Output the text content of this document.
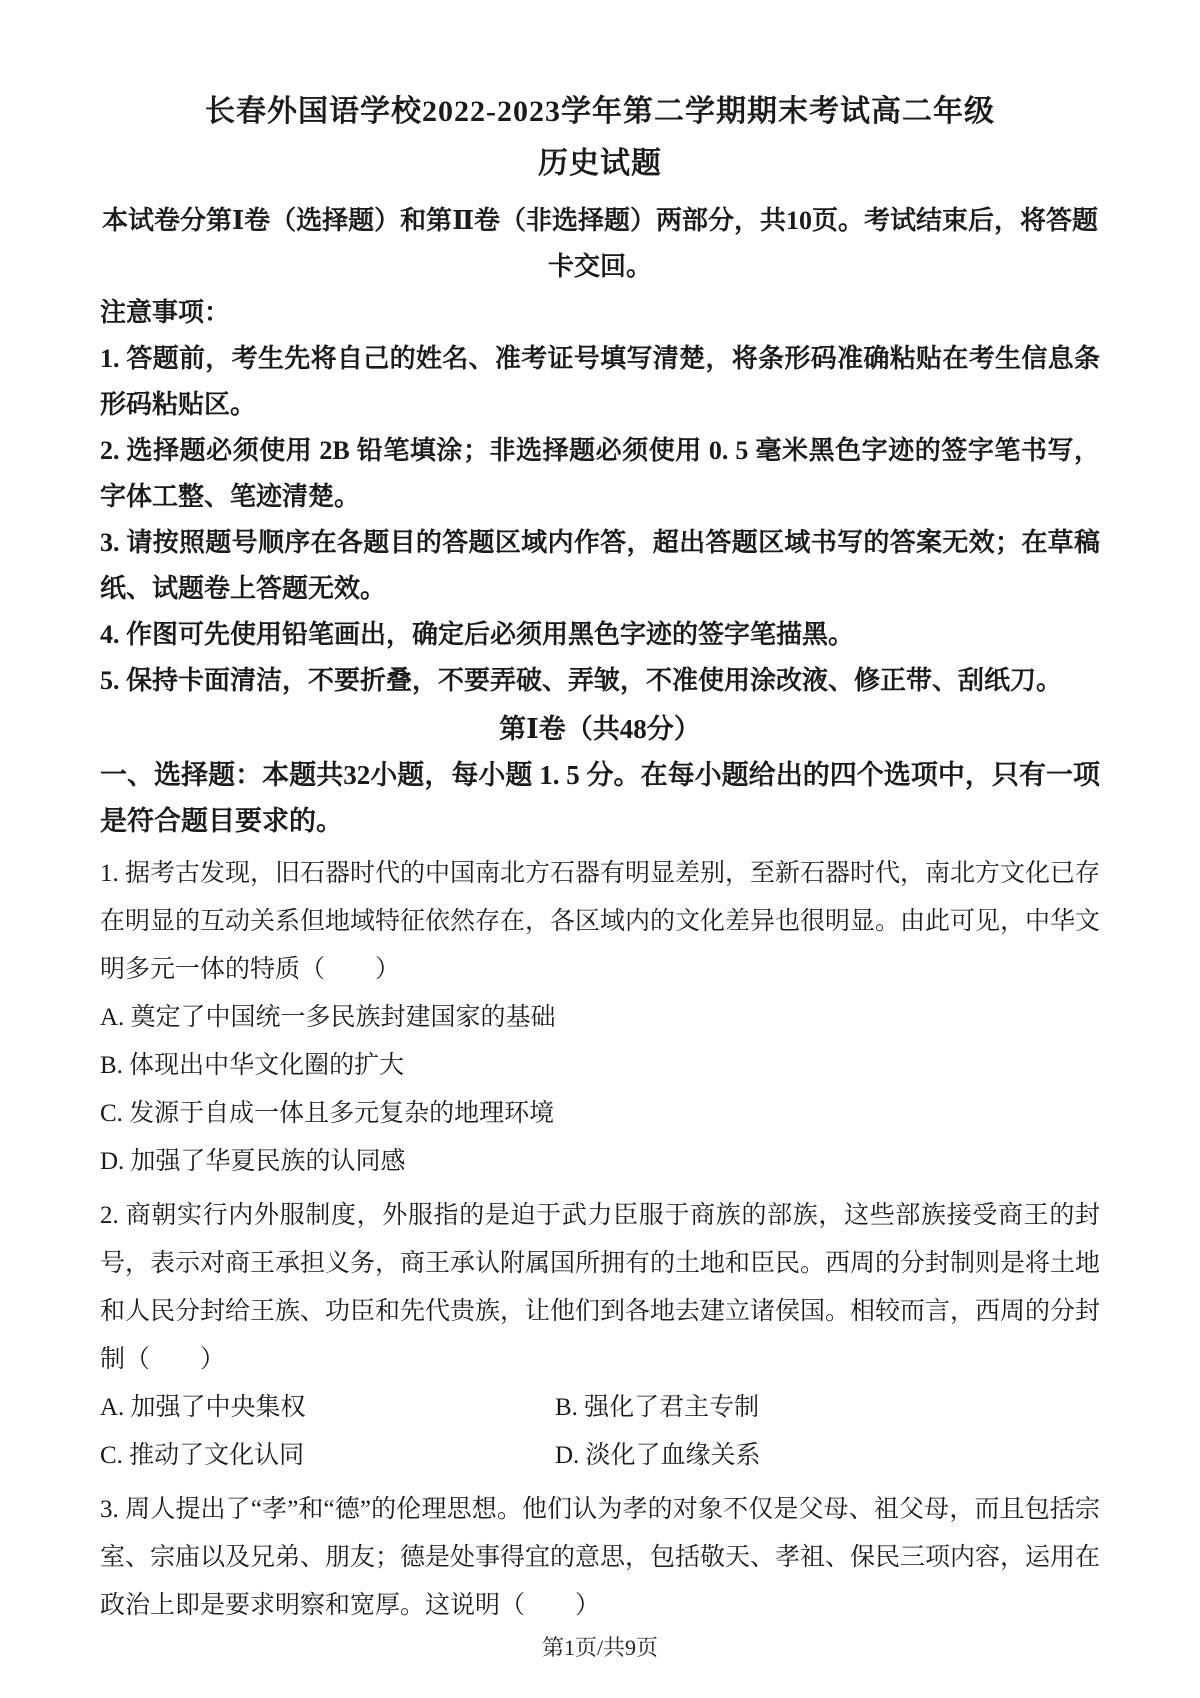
长春外国语学校2022-2023学年第二学期期末考试高二年级
历史试题

本试卷分第Ⅰ卷（选择题）和第Ⅱ卷（非选择题）两部分，共10页。考试结束后，将答题卡交回。

注意事项：

1. 答题前，考生先将自己的姓名、准考证号填写清楚，将条形码准确粘贴在考生信息条形码粘贴区。

2. 选择题必须使用 2B 铅笔填涂；非选择题必须使用 0. 5 毫米黑色字迹的签字笔书写，字体工整、笔迹清楚。

3. 请按照题号顺序在各题目的答题区域内作答，超出答题区域书写的答案无效；在草稿纸、试题卷上答题无效。

4. 作图可先使用铅笔画出，确定后必须用黑色字迹的签字笔描黑。

5. 保持卡面清洁，不要折叠，不要弄破、弄皱，不准使用涂改液、修正带、刮纸刀。

第Ⅰ卷（共48分）

一、选择题：本题共32小题，每小题 1. 5 分。在每小题给出的四个选项中，只有一项是符合题目要求的。

1. 据考古发现，旧石器时代的中国南北方石器有明显差别，至新石器时代，南北方文化已存在明显的互动关系但地域特征依然存在，各区域内的文化差异也很明显。由此可见，中华文明多元一体的特质（　　）

A. 奠定了中国统一多民族封建国家的基础

B. 体现出中华文化圈的扩大

C. 发源于自成一体且多元复杂的地理环境

D. 加强了华夏民族的认同感

2. 商朝实行内外服制度，外服指的是迫于武力臣服于商族的部族，这些部族接受商王的封号，表示对商王承担义务，商王承认附属国所拥有的土地和臣民。西周的分封制则是将土地和人民分封给王族、功臣和先代贵族，让他们到各地去建立诸侯国。相较而言，西周的分封制（　　）

A. 加强了中央集权	B. 强化了君主专制

C. 推动了文化认同	D. 淡化了血缘关系

3. 周人提出了“孝”和“德”的伦理思想。他们认为孝的对象不仅是父母、祖父母，而且包括宗室、宗庙以及兄弟、朋友；德是处事得宜的意思，包括敬天、孝祖、保民三项内容，运用在政治上即是要求明察和宽厚。这说明（　　）

第1页/共9页
